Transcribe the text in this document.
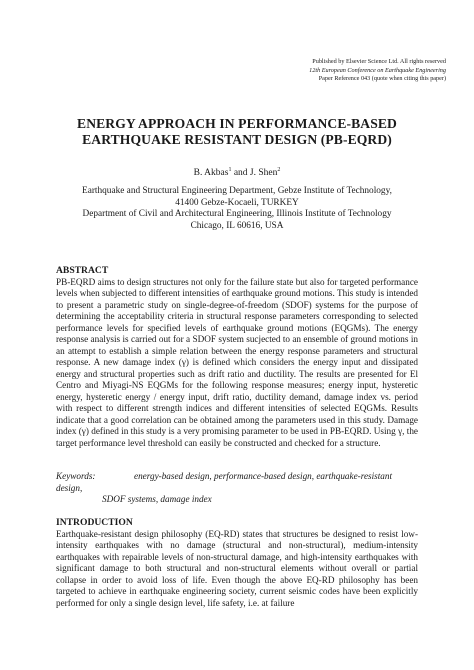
Published by Elsevier Science Ltd. All rights reserved
12th European Conference on Earthquake Engineering
Paper Reference 043 (quote when citing this paper)
ENERGY APPROACH IN PERFORMANCE-BASED
EARTHQUAKE RESISTANT DESIGN (PB-EQRD)
B. Akbas$^1$ and J. Shen$^2$
Earthquake and Structural Engineering Department, Gebze Institute of Technology,
41400 Gebze-Kocaeli, TURKEY
Department of Civil and Architectural Engineering, Illinois Institute of Technology
Chicago, IL 60616, USA
ABSTRACT

PB-EQRD aims to design structures not only for the failure state but also for targeted performance levels when subjected to different intensities of earthquake ground motions. This study is intended to present a parametric study on single-degree-of-freedom (SDOF) systems for the purpose of determining the acceptability criteria in structural response parameters corresponding to selected performance levels for specified levels of earthquake ground motions (EQGMs). The energy response analysis is carried out for a SDOF system sucjected to an ensemble of ground motions in an attempt to establish a simple relation between the energy response parameters and structural response. A new damage index (γ) is defined which considers the energy input and dissipated energy and structural properties such as drift ratio and ductility. The results are presented for El Centro and Miyagi-NS EQGMs for the following response measures; energy input, hysteretic energy, hysteretic energy / energy input, drift ratio, ductility demand, damage index vs. period with respect to different strength indices and different intensities of selected EQGMs. Results indicate that a good correlation can be obtained among the parameters used in this study. Damage index (γ) defined in this study is a very promising parameter to be used in PB-EQRD. Using γ, the target performance level threshold can easily be constructed and checked for a structure.

Keywords:	energy-based design, performance-based design, earthquake-resistant design,
SDOF systems, damage index
INTRODUCTION

Earthquake-resistant design philosophy (EQ-RD) states that structures be designed to resist low-intensity earthquakes with no damage (structural and non-structural), medium-intensity earthquakes with repairable levels of non-structural damage, and high-intensity earthquakes with significant damage to both structural and non-structural elements without overall or partial collapse in order to avoid loss of life. Even though the above EQ-RD philosophy has been targeted to achieve in earthquake engineering society, current seismic codes have been explicitly performed for only a single design level, life safety, i.e. at failure
